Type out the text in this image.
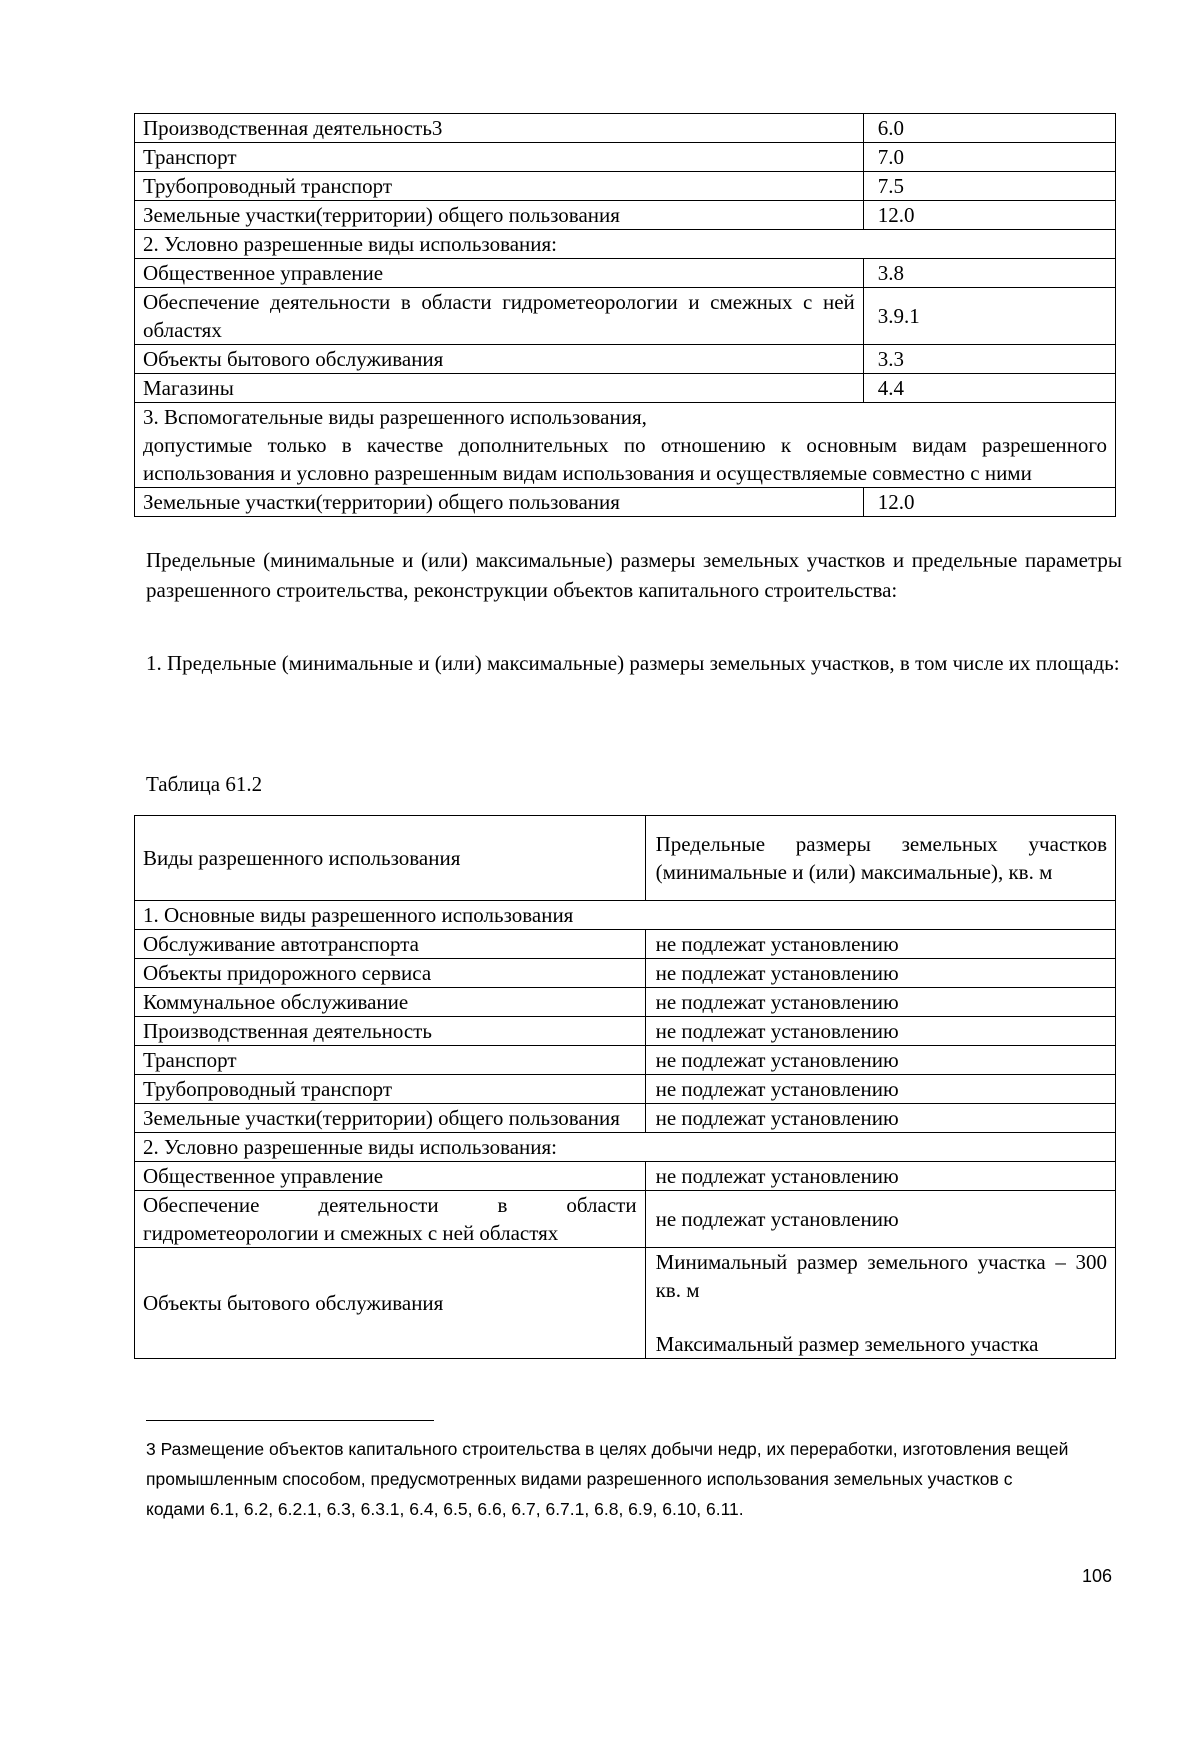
Производственная деятельность3	6.0
Транспорт	7.0
Трубопроводный транспорт	7.5
Земельные участки(территории) общего пользования	12.0
2. Условно разрешенные виды использования:	
Общественное управление	3.8
Обеспечение деятельности в области гидрометеорологии и смежных с ней областях	3.9.1
Объекты бытового обслуживания	3.3
Магазины	4.4

3. Вспомогательные виды разрешенного использования,
допустимые только в качестве дополнительных по отношению к основным видам разрешенного использования и условно разрешенным видам использования и осуществляемые совместно с ними	

Земельные участки(территории) общего пользования	12.0
Предельные (минимальные и (или) максимальные) размеры земельных участков и предельные параметры разрешенного строительства, реконструкции объектов капитального строительства:
1. Предельные (минимальные и (или) максимальные) размеры земельных участков, в том числе их площадь:
Таблица 61.2
Виды разрешенного использования	Предельные размеры земельных участков (минимальные и (или) максимальные), кв. м
1. Основные виды разрешенного использования	
Обслуживание автотранспорта	не подлежат установлению
Объекты придорожного сервиса	не подлежат установлению
Коммунальное обслуживание	не подлежат установлению
Производственная деятельность	не подлежат установлению
Транспорт	не подлежат установлению
Трубопроводный транспорт	не подлежат установлению
Земельные участки(территории) общего пользования	не подлежат установлению
2. Условно разрешенные виды использования:	
Общественное управление	не подлежат установлению
Обеспечение деятельности в области гидрометеорологии и смежных с ней областях	не подлежат установлению
Объекты бытового обслуживания	Минимальный размер земельного участка – 300 кв. м
Максимальный размер земельного участка
3 Размещение объектов капитального строительства в целях добычи недр, их переработки, изготовления вещей промышленным способом, предусмотренных видами разрешенного использования земельных участков с кодами 6.1, 6.2, 6.2.1, 6.3, 6.3.1, 6.4, 6.5, 6.6, 6.7, 6.7.1, 6.8, 6.9, 6.10, 6.11.
106
